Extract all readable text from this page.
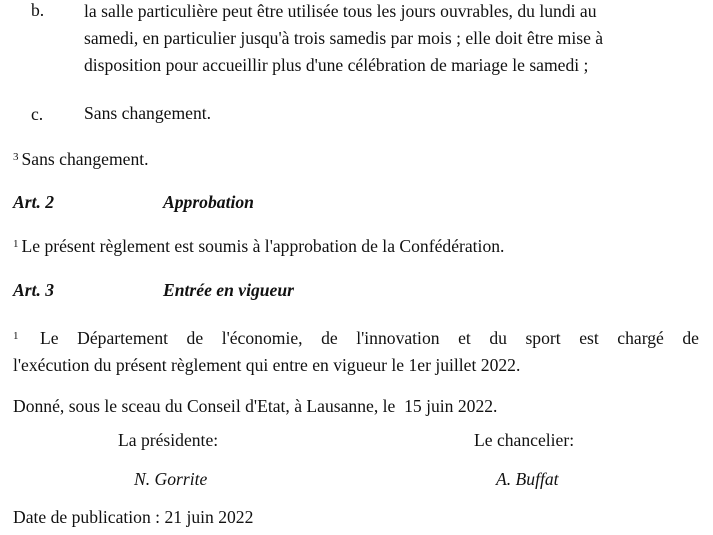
b. la salle particulière peut être utilisée tous les jours ouvrables, du lundi au
samedi, en particulier jusqu'à trois samedis par mois ; elle doit être mise à
disposition pour accueillir plus d'une célébration de mariage le samedi ;
c. Sans changement.
$^3$ Sans changement.
Art. 2	Approbation
$^1$ Le présent règlement est soumis à l'approbation de la Confédération.
Art. 3	Entrée en vigueur
$^1$ Le Département de l'économie, de l'innovation et du sport est chargé de
l'exécution du présent règlement qui entre en vigueur le 1er juillet 2022.
Donné, sous le sceau du Conseil d'Etat, à Lausanne, le  15 juin 2022.
La présidente:	Le chancelier:
N. Gorrite	A. Buffat
Date de publication : 21 juin 2022
